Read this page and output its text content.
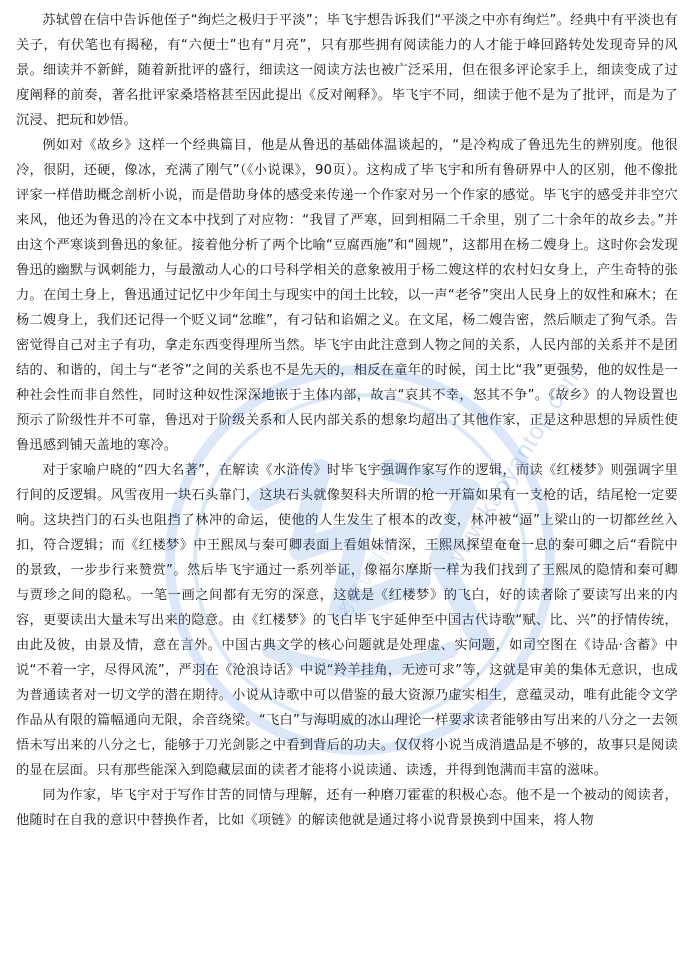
苏轼曾在信中告诉他侄子“绚烂之极归于平淡”；毕飞宇想告诉我们“平淡之中亦有绚烂”。经典中有平淡也有关子，有伏笔也有揭秘，有“六便士”也有“月亮”，只有那些拥有阅读能力的人才能于峰回路转处发现奇异的风景。细读并不新鲜，随着新批评的盛行，细读这一阅读方法也被广泛采用，但在很多评论家手上，细读变成了过度阐释的前奏，著名批评家桑塔格甚至因此提出《反对阐释》。毕飞宇不同，细读于他不是为了批评，而是为了沉浸、把玩和妙悟。

例如对《故乡》这样一个经典篇目，他是从鲁迅的基础体温谈起的，“是冷构成了鲁迅先生的辨别度。他很冷，很阴，还硬，像冰，充满了刚气”（《小说课》，90页）。这构成了毕飞宇和所有鲁研界中人的区别，他不像批评家一样借助概念剖析小说，而是借助身体的感受来传递一个作家对另一个作家的感觉。毕飞宇的感受并非空穴来风，他还为鲁迅的冷在文本中找到了对应物：“我冒了严寒，回到相隔二千余里，别了二十余年的故乡去。”并由这个严寒谈到鲁迅的象征。接着他分析了两个比喻“豆腐西施”和“圆规”，这都用在杨二嫂身上。这时你会发现鲁迅的幽默与讽刺能力，与最激动人心的口号科学相关的意象被用于杨二嫂这样的农村妇女身上，产生奇特的张力。在闰土身上，鲁迅通过记忆中少年闰土与现实中的闰土比较，以一声“老爷”突出人民身上的奴性和麻木；在杨二嫂身上，我们还记得一个贬义词“忿睢”，有刁钻和谄媚之义。在文尾，杨二嫂告密，然后顺走了狗气杀。告密觉得自己对主子有功，拿走东西变得理所当然。毕飞宇由此注意到人物之间的关系，人民内部的关系并不是团结的、和谐的，闰土与“老爷”之间的关系也不是先天的，相反在童年的时候，闰土比“我”更强势，他的奴性是一种社会性而非自然性，同时这种奴性深深地嵌于主体内部，故言“哀其不幸，怒其不争”。《故乡》的人物设置也预示了阶级性并不可靠，鲁迅对于阶级关系和人民内部关系的想象均超出了其他作家，正是这种思想的异质性使鲁迅感到铺天盖地的寒冷。

对于家喻户晓的“四大名著”，在解读《水浒传》时毕飞宇强调作家写作的逻辑，而读《红楼梦》则强调字里行间的反逻辑。风雪夜用一块石头靠门，这块石头就像契科夫所谓的枪一开篇如果有一支枪的话，结尾枪一定要响。这块挡门的石头也阻挡了林冲的命运，使他的人生发生了根本的改变，林冲被“逼”上梁山的一切都丝丝入扣，符合逻辑；而《红楼梦》中王熙凤与秦可卿表面上看姐妹情深，王熙凤探望奄奄一息的秦可卿之后“看院中的景致，一步步行来赞赏”。然后毕飞宇通过一系列举证，像福尔摩斯一样为我们找到了王熙凤的隐情和秦可卿与贾珍之间的隐私。一笔一画之间都有无穷的深意，这就是《红楼梦》的飞白，好的读者除了要读写出来的内容，更要读出大量未写出来的隐意。由《红楼梦》的飞白毕飞宇延伸至中国古代诗歌“赋、比、兴”的抒情传统，由此及彼，由景及情，意在言外。中国古典文学的核心问题就是处理虚、实问题，如司空图在《诗品·含蓄》中说“不着一字，尽得风流”，严羽在《沧浪诗话》中说“羚羊挂角，无迹可求”等，这就是审美的集体无意识，也成为普通读者对一切文学的潜在期待。小说从诗歌中可以借鉴的最大资源乃虚实相生，意蕴灵动，唯有此能令文学作品从有限的篇幅通向无限，余音绕梁。“飞白”与海明威的冰山理论一样要求读者能够由写出来的八分之一去领悟未写出来的八分之七，能够于刀光剑影之中看到背后的功夫。仅仅将小说当成消遣品是不够的，故事只是阅读的显在层面。只有那些能深入到隐藏层面的读者才能将小说读通、读透，并得到饱满而丰富的滋味。

同为作家，毕飞宇对于写作甘苦的同情与理解，还有一种磨刀霍霍的积极心态。他不是一个被动的阅读者，他随时在自我的意识中替换作者，比如《项链》的解读他就是通过将小说背景换到中国来，将人物

www.kaoyantop.com
考研资料网
